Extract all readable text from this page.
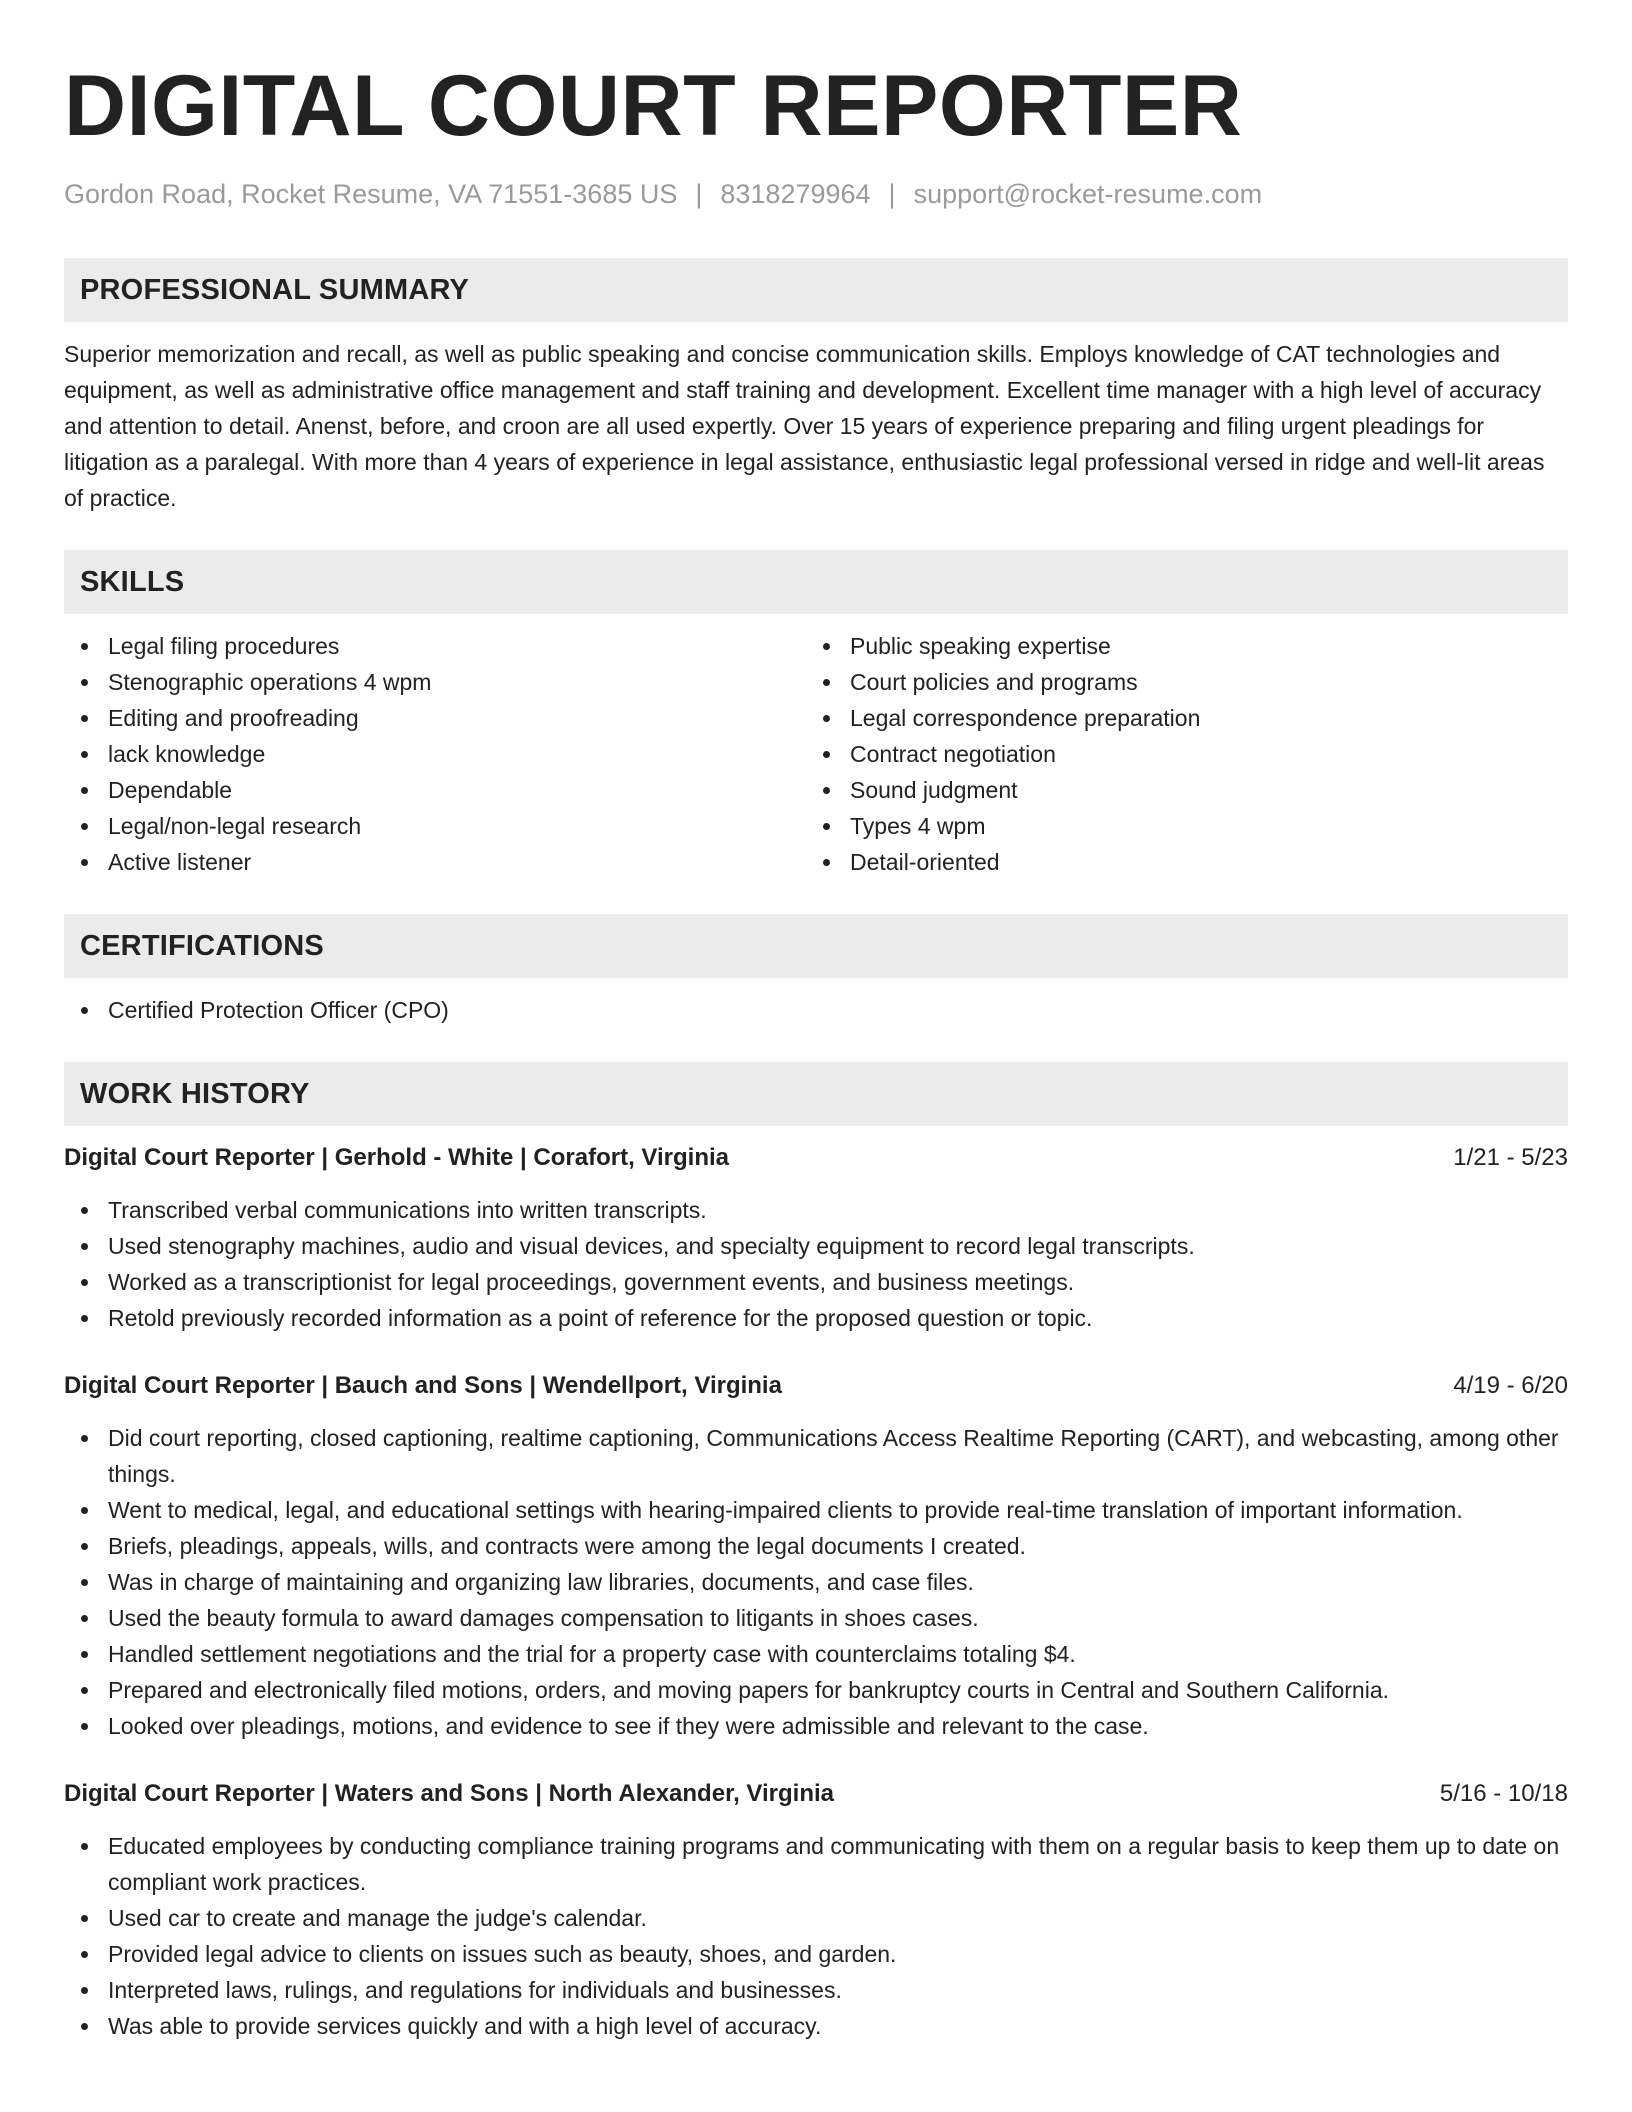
DIGITAL COURT REPORTER
Gordon Road, Rocket Resume, VA 71551-3685 US | 8318279964 | support@rocket-resume.com
PROFESSIONAL SUMMARY
Superior memorization and recall, as well as public speaking and concise communication skills. Employs knowledge of CAT technologies and equipment, as well as administrative office management and staff training and development. Excellent time manager with a high level of accuracy and attention to detail. Anenst, before, and croon are all used expertly. Over 15 years of experience preparing and filing urgent pleadings for litigation as a paralegal. With more than 4 years of experience in legal assistance, enthusiastic legal professional versed in ridge and well-lit areas of practice.
SKILLS
Legal filing procedures
Stenographic operations 4 wpm
Editing and proofreading
lack knowledge
Dependable
Legal/non-legal research
Active listener
Public speaking expertise
Court policies and programs
Legal correspondence preparation
Contract negotiation
Sound judgment
Types 4 wpm
Detail-oriented
CERTIFICATIONS
Certified Protection Officer (CPO)
WORK HISTORY
Digital Court Reporter | Gerhold - White | Corafort, Virginia	1/21 - 5/23
Transcribed verbal communications into written transcripts.
Used stenography machines, audio and visual devices, and specialty equipment to record legal transcripts.
Worked as a transcriptionist for legal proceedings, government events, and business meetings.
Retold previously recorded information as a point of reference for the proposed question or topic.
Digital Court Reporter | Bauch and Sons | Wendellport, Virginia	4/19 - 6/20
Did court reporting, closed captioning, realtime captioning, Communications Access Realtime Reporting (CART), and webcasting, among other things.
Went to medical, legal, and educational settings with hearing-impaired clients to provide real-time translation of important information.
Briefs, pleadings, appeals, wills, and contracts were among the legal documents I created.
Was in charge of maintaining and organizing law libraries, documents, and case files.
Used the beauty formula to award damages compensation to litigants in shoes cases.
Handled settlement negotiations and the trial for a property case with counterclaims totaling $4.
Prepared and electronically filed motions, orders, and moving papers for bankruptcy courts in Central and Southern California.
Looked over pleadings, motions, and evidence to see if they were admissible and relevant to the case.
Digital Court Reporter | Waters and Sons | North Alexander, Virginia	5/16 - 10/18
Educated employees by conducting compliance training programs and communicating with them on a regular basis to keep them up to date on compliant work practices.
Used car to create and manage the judge's calendar.
Provided legal advice to clients on issues such as beauty, shoes, and garden.
Interpreted laws, rulings, and regulations for individuals and businesses.
Was able to provide services quickly and with a high level of accuracy.
